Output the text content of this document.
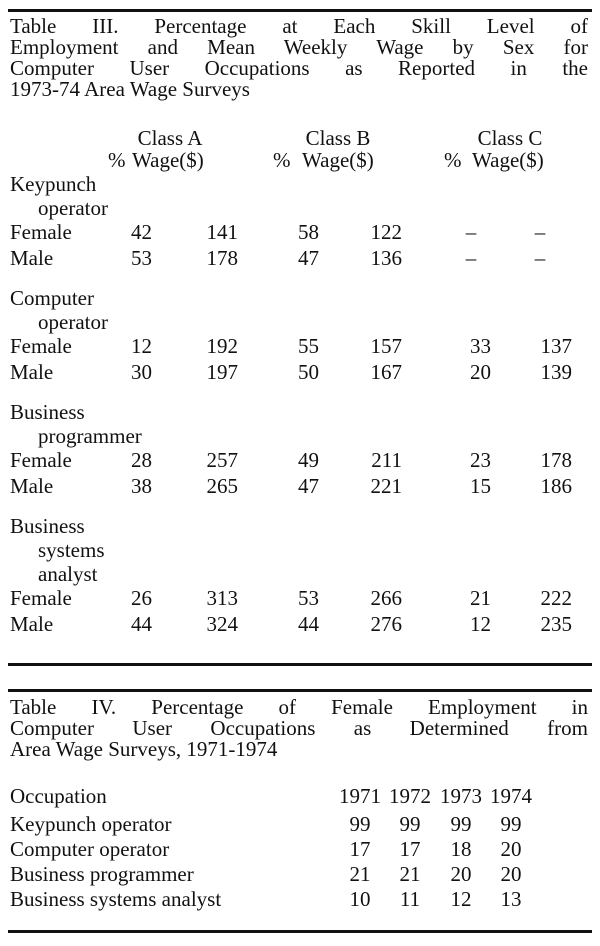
Table III. Percentage at Each Skill Level of
Employment and Mean Weekly Wage by Sex for
Computer User Occupations as Reported in the
1973-74 Area Wage Surveys
Class A
% Wage($)
Class B
% Wage($)
Class C
% Wage($)
Keypunch
operator
Female	42	141	58	122	–	–
Male	53	178	47	136	–	–
Computer
operator
Female	12	192	55	157	33	137
Male	30	197	50	167	20	139
Business
programmer
Female	28	257	49	211	23	178
Male	38	265	47	221	15	186
Business
systems
analyst
Female	26	313	53	266	21	222
Male	44	324	44	276	12	235
Table IV. Percentage of Female Employment in
Computer User Occupations as Determined from
Area Wage Surveys, 1971-1974
Occupation	1971 1972 1973 1974
Keypunch operator	99	99	99	99
Computer operator	17	17	18	20
Business programmer	21	21	20	20
Business systems analyst	10	11	12	13
